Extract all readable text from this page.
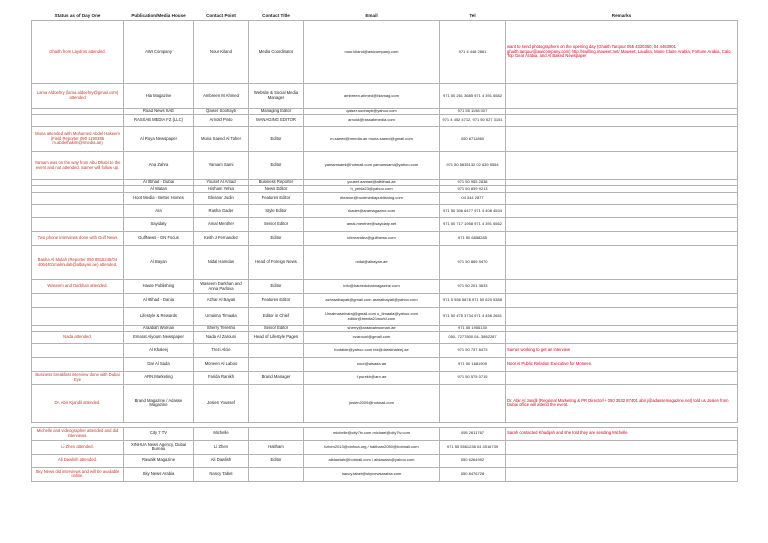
Status as of Day One	Publication/Media House	Contact Point	Contact Title	Email	Tel	Remarks
Ghaith from Laydros attended.	AWI Company	Nour Kiland	Media Coordinator	nour.kiland@awicompany.com	971 4 448 2861	want to send photographers on the opening day (Ghaith Tarqour 055 4320350, 04 4483901 ghaith.tarqour@awicompany.com) http://swilling.maweet.net/ Maweet, Laudira, Marie Claire Arabia, Fortune Arabia, Calo, Top Gear Arabia, and Al Baked Newspaper
Lama Aldoehry (lama.aldoehry@gmail.com) attended	Hia Magazine	Ambreen M Ahmed	Website & Social Media Manager	ambreen.ahmed@hiamag.com	971 50 261 3685 971 4 391 6582	
	Road News SAE	Qaiser Soohayb	Managing Editor	qaiser.soohayb@yahoo.com	971 55 1198 007	
	RASSAB MEDIA FZ (LLC)	Arnold Pinto	MANAGING EDITOR	arnold@rassabmedia.com	971 4 452 4712, 971 50 527 3151	
Muna attended with Mohamed Abdel Hakeem (Field Reporter 050 1190395 m.abdelhakim@rmedia.ae)	Al Roya Newspaper	Muna Saeed Al Taher	Editor	m.saeed@rmedia.ae muna.saeed@gmail.com	050 6711860	
Yamam was on the way from Abu Dhabi to the event and not attended. Samer will follow up.	Ana Zahra	Yamam Sami	Editor	yamamsami@hotmail.com yamamsami@yahoo.com	971 50 5835132 02 639 5554	
	Al Ittihad - Dubai	Yousef Al Amad	Business Reporter	yousef.aamad@alittihad.ae	971 50 955 2838	
	Al Watan	Hisham Yehia	News Editor	h_yehia23@yahoo.com	971 50 839 9213	
	Hoot Media - Better Homes	Eleanor Jodin	Features Editor	eleanor@hootmediapublishing.com	04 344 2877	
	Ara	Rasha Gader	Style Editor	rkader@aramagazine.com	971 50 306 6477 971 4 408 4534	
	Sayidaty	Amal Menther	Senior Editor	amal.menther@sayidaty.net	971 50 717 1958 971 4 391 6562	
Two phone interviews done with Gulf News	GulfNews - GN Focus	Keith J Fernandez	Editor	kfernandez@gulfnews.com	971 50 6858285	
Basha Al Mulah (Reporter 050 8816245/04 4064401malmulah@albayan.ae) attended.	Al Bayan	Nidal Hamdan	Head of Foreign News	nidal@albayan.ae	971 50 889 9470	
Waseem and Darkhan attended.	Haute Publishing	Waseem Darkhan and Anna Parlova	Editor	info@hautedubaimagazine.com	971 50 201 3633	
	Al Ittihad - Dania	Azhar Al Bayati	Features Editor	azhraalbayati@gmail.com asmalbayati@yahoo.com	971 5 556 5878 971 50 620 5388	
	Lifestyle & Rewards	Umaima Timaala	Editor in Chief	Umaimaselvaraj@gmail.com u_timaala@yahoo.com editor@media21world.com	971 50 475 3734 971 4 456 2651	
	Araabah Woman	Sherry Teresho	Senior Editor	sherry@araabahwoman.ae	971 55 1955130	
Nada attended.	Emarat Alyoum Newspaper	Nada Al Zarouni	Head of Lifestyle Pages	nzarouni@gmail.com	050- 7277800 04- 3862287	
	Al Khaleej	Trezi Alcie		fontalde@yahoo.com biz@darakhaleej.ae	971 50 737 8473	Samer working to get an interview
	Dar Al Sada	Moneen Al Laboo		noor@alsada.ae	971 50 1681909	Noor is Public Relation Executive for Moneen.
Business breakfast interview done with Dubai Eye	ARN Marketing	Farida Ranikh	Brand Manager	f.purekh@arn.ae	971 50 575 0715	
Dr. Abir Kjandil attended.	Brand Magazine / Adasse Magazine	Josien Youssef		josien2009@hotmail.com		Dr. Abir Al Jandil (Regional Marketing & PR Director/+ 050 3532 87401 abir.j@adassemagazine.net) told us Josien from Dubai office will attend the event.

Michelle and videographer attended and did interviews.	City 7 TV	Michelle		michelle@city7tv.com michael@city7tv.com	055 2611767	Sarah contacted Khadijah and she told they are sending Michelle
Li Zhen attended.	XINHUA News Agency, Dubai Bureau	Li Zhen	Haitham	lizhen2013@xinhua.org / haitham2050@hotmail.com	971 55 5561238 04 4516739	
Ali Dawlish attended.	Rawalk Magazine	Ali Dawlish	Editor	alidawlah@hotmail.com / alidawlah@yahoo.com	050 6264992	
Sky News did interviews and will be available online.	Sky News Arabia	Nancy Tabet		nancy.tabet@skynewsarabia.com	050 8476728	
